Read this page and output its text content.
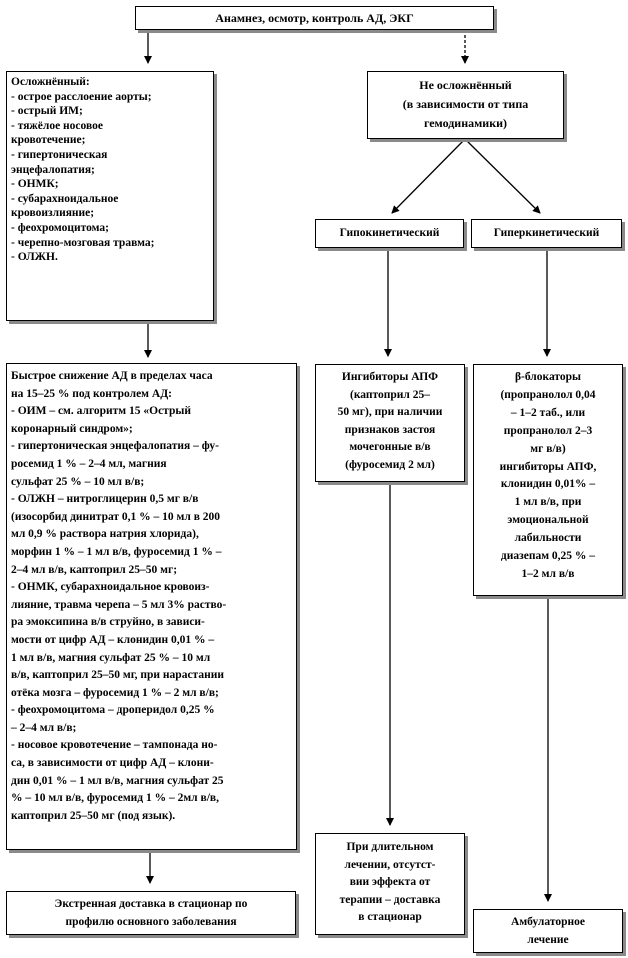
Анамнез, осмотр, контроль АД, ЭКГ
Осложнённый:
- острое расслоение аорты;
- острый ИМ;
- тяжёлое носовое
кровотечение;
- гипертоническая
энцефалопатия;
- ОНМК;
- субарахноидальное
кровоизлияние;
- феохромоцитома;
- черепно-мозговая травма;
- ОЛЖН.
Не осложнённый
(в зависимости от типа
гемодинамики)
Гипокинетический	Гиперкинетический
Быстрое снижение АД в пределах часа
на 15–25 % под контролем АД:
- ОИМ – см. алгоритм 15 «Острый
коронарный синдром»;
- гипертоническая энцефалопатия – фу-
росемид 1 % – 2–4 мл, магния
сульфат 25 % – 10 мл в/в;
- ОЛЖН – нитроглицерин 0,5 мг в/в
(изосорбид динитрат 0,1 % – 10 мл в 200
мл 0,9 % раствора натрия хлорида),
морфин 1 % – 1 мл в/в, фуросемид 1 % –
2–4 мл в/в, каптоприл 25–50 мг;
- ОНМК, субарахноидальное кровоиз-
лияние, травма черепа – 5 мл 3% раство-
ра эмоксипина в/в струйно, в зависи-
мости от цифр АД – клонидин 0,01 % –
1 мл в/в, магния сульфат 25 % – 10 мл
в/в, каптоприл 25–50 мг, при нарастании
отёка мозга – фуросемид 1 % – 2 мл в/в;
- феохромоцитома – дроперидол 0,25 %
– 2–4 мл в/в;
- носовое кровотечение – тампонада но-
са, в зависимости от цифр АД – клони-
дин 0,01 % – 1 мл в/в, магния сульфат 25
% – 10 мл в/в, фуросемид 1 % – 2мл в/в,
каптоприл 25–50 мг (под язык).
Ингибиторы АПФ
(каптоприл 25–
50 мг), при наличии
признаков застоя
мочегонные в/в
(фуросемид 2 мл)
β-блокаторы
(пропранолол 0,04
– 1–2 таб., или
пропранолол 2–3
мг в/в)
ингибиторы АПФ,
клонидин 0,01% –
1 мл в/в, при
эмоциональной
лабильности
диазепам 0,25 % –
1–2 мл в/в
При длительном
лечении, отсутст-
вии эффекта от
терапии – доставка
в стационар
Экстренная доставка в стационар по
профилю основного заболевания	Амбулаторное
лечение
